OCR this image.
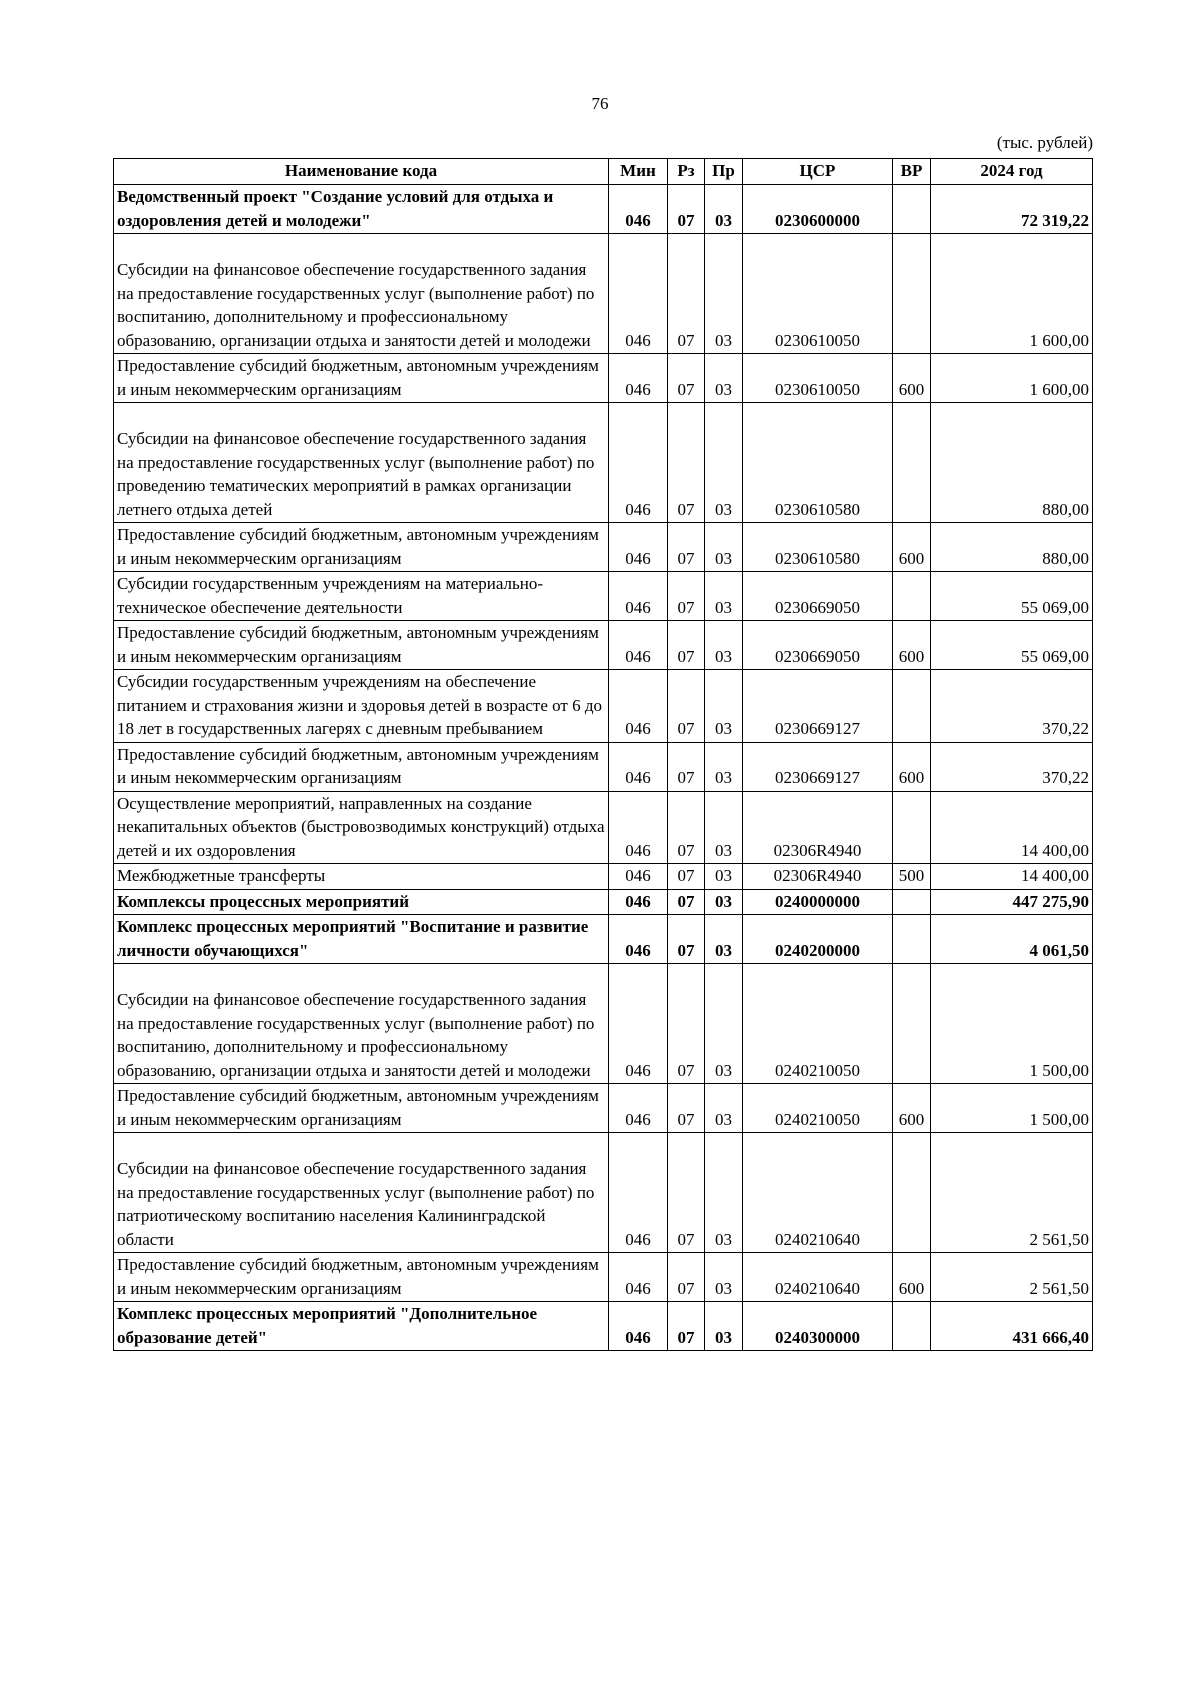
76
(тыс. рублей)
Наименование кода	Мин	Рз	Пр	ЦСР	ВР	2024 год
Ведомственный проект "Создание условий для отдыха и оздоровления детей и молодежи"	046	07	03	0230600000		72 319,22
Субсидии на финансовое обеспечение государственного задания на предоставление государственных услуг (выполнение работ) по воспитанию, дополнительному и профессиональному образованию, организации отдыха и занятости детей и молодежи	046	07	03	0230610050		1 600,00
Предоставление субсидий бюджетным, автономным учреждениям и иным некоммерческим организациям	046	07	03	0230610050	600	1 600,00
Субсидии на финансовое обеспечение государственного задания на предоставление государственных услуг (выполнение работ) по проведению тематических мероприятий в рамках организации летнего отдыха детей	046	07	03	0230610580		880,00
Предоставление субсидий бюджетным, автономным учреждениям и иным некоммерческим организациям	046	07	03	0230610580	600	880,00
Субсидии государственным учреждениям на материально-техническое обеспечение деятельности	046	07	03	0230669050		55 069,00
Предоставление субсидий бюджетным, автономным учреждениям и иным некоммерческим организациям	046	07	03	0230669050	600	55 069,00
Субсидии государственным учреждениям на обеспечение питанием и страхования жизни и здоровья детей в возрасте от 6 до 18 лет в государственных лагерях с дневным пребыванием	046	07	03	0230669127		370,22
Предоставление субсидий бюджетным, автономным учреждениям и иным некоммерческим организациям	046	07	03	0230669127	600	370,22
Осуществление мероприятий, направленных на создание некапитальных объектов (быстровозводимых конструкций) отдыха детей и их оздоровления	046	07	03	02306R4940		14 400,00
Межбюджетные трансферты	046	07	03	02306R4940	500	14 400,00
Комплексы процессных мероприятий	046	07	03	0240000000		447 275,90
Комплекс процессных мероприятий "Воспитание и развитие личности обучающихся"	046	07	03	0240200000		4 061,50
Субсидии на финансовое обеспечение государственного задания на предоставление государственных услуг (выполнение работ) по воспитанию, дополнительному и профессиональному образованию, организации отдыха и занятости детей и молодежи	046	07	03	0240210050		1 500,00
Предоставление субсидий бюджетным, автономным учреждениям и иным некоммерческим организациям	046	07	03	0240210050	600	1 500,00
Субсидии на финансовое обеспечение государственного задания на предоставление государственных услуг (выполнение работ) по патриотическому воспитанию населения Калининградской области	046	07	03	0240210640		2 561,50
Предоставление субсидий бюджетным, автономным учреждениям и иным некоммерческим организациям	046	07	03	0240210640	600	2 561,50
Комплекс процессных мероприятий "Дополнительное образование детей"	046	07	03	0240300000		431 666,40
